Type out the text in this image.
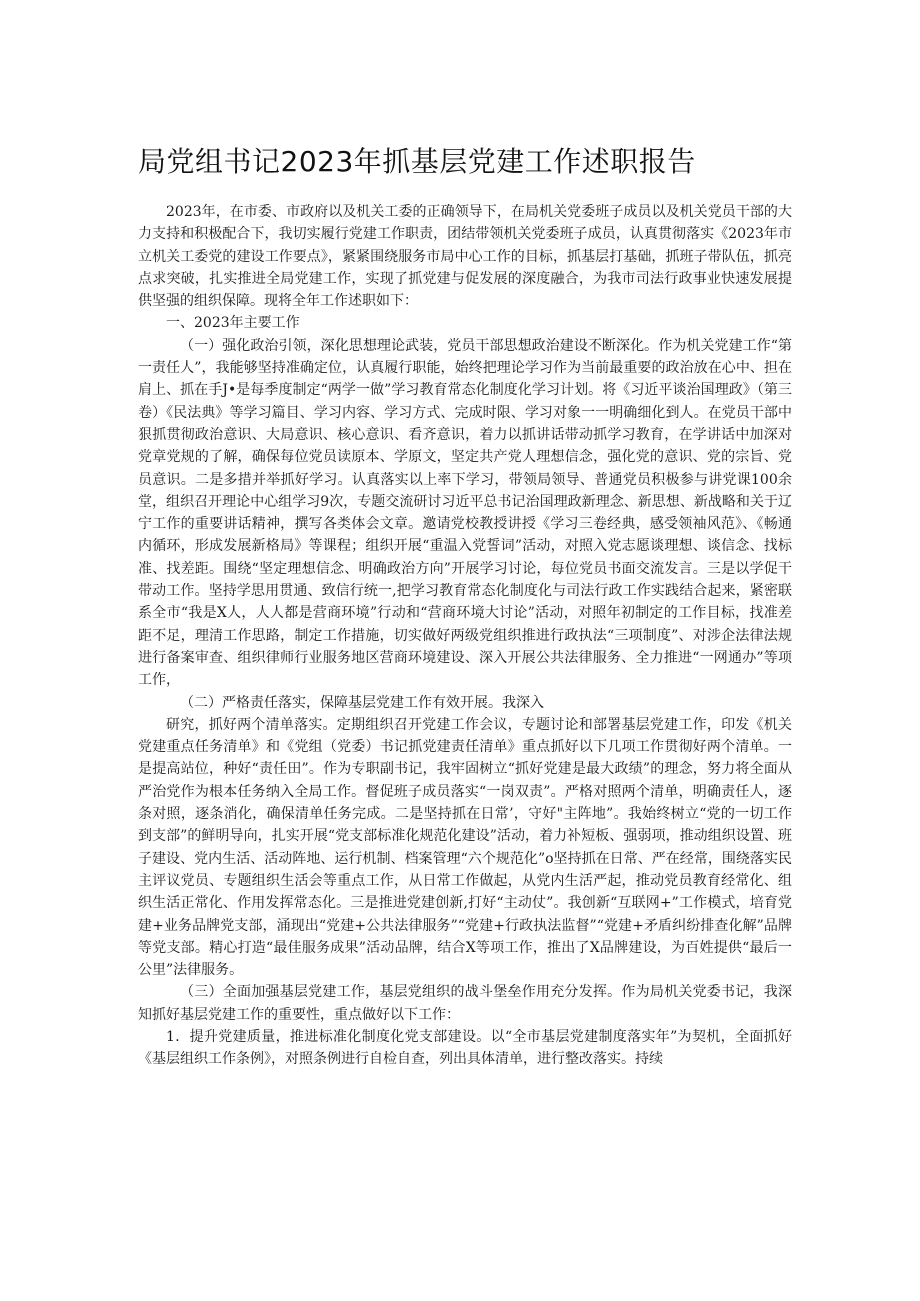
局党组书记2023年抓基层党建工作述职报告

2023年，在市委、市政府以及机关工委的正确领导下，在局机关党委班子成员以及机关党员干部的大力支持和积极配合下，我切实履行党建工作职责，团结带领机关党委班子成员，认真贯彻落实《2023年市立机关工委党的建设工作要点》，紧紧围绕服务市局中心工作的目标，抓基层打基础，抓班子带队伍，抓亮点求突破，扎实推进全局党建工作，实现了抓党建与促发展的深度融合，为我市司法行政事业快速发展提供坚强的组织保障。现将全年工作述职如下：

一、2023年主要工作

（一）强化政治引领，深化思想理论武装，党员干部思想政治建设不断深化。作为机关党建工作“第一责任人”，我能够坚持准确定位，认真履行职能，始终把理论学习作为当前最重要的政治放在心中、担在肩上、抓在手J•是每季度制定“两学一做”学习教育常态化制度化学习计划。将《习近平谈治国理政》（第三卷）《民法典》等学习篇目、学习内容、学习方式、完成时限、学习对象一一明确细化到人。在党员干部中狠抓贯彻政治意识、大局意识、核心意识、看齐意识，着力以抓讲话带动抓学习教育，在学讲话中加深对党章党规的了解，确保每位党员读原本、学原文，坚定共产党人理想信念，强化党的意识、党的宗旨、党员意识。二是多措并举抓好学习。认真落实以上率下学习，带领局领导、普通党员积极参与讲党课100余堂，组织召开理论中心组学习9次，专题交流研讨习近平总书记治国理政新理念、新思想、新战略和关于辽宁工作的重要讲话精神，撰写各类体会文章。邀请党校教授讲授《学习三卷经典，感受领袖风范》、《畅通内循环，形成发展新格局》等课程；组织开展“重温入党誓词”活动，对照入党志愿谈理想、谈信念、找标准、找差距。围绕“坚定理想信念、明确政治方向”开展学习讨论，每位党员书面交流发言。三是以学促干带动工作。坚持学思用贯通、致信行统一,把学习教育常态化制度化与司法行政工作实践结合起来，紧密联系全市“我是X人，人人都是营商环境”行动和“营商环境大讨论”活动，对照年初制定的工作目标，找准差距不足，理清工作思路，制定工作措施，切实做好两级党组织推进行政执法“三项制度”、对涉企法律法规进行备案审查、组织律师行业服务地区营商环境建设、深入开展公共法律服务、全力推进“一网通办”等项工作，

（二）严格责任落实，保障基层党建工作有效开展。我深入

研究，抓好两个清单落实。定期组织召开党建工作会议，专题讨论和部署基层党建工作，印发《机关党建重点任务清单》和《党组（党委）书记抓党建责任清单》重点抓好以下几项工作贯彻好两个清单。一是提高站位，种好“责任田”。作为专职副书记，我牢固树立“抓好党建是最大政绩”的理念，努力将全面从严治党作为根本任务纳入全局工作。督促班子成员落实“一岗双责”。严格对照两个清单，明确责任人，逐条对照，逐条消化，确保清单任务完成。二是坚持抓在日常’，守好"主阵地”。我始终树立“党的一切工作到支部”的鲜明导向，扎实开展“党支部标准化规范化建设”活动，着力补短板、强弱项，推动组织设置、班子建设、党内生活、活动阵地、运行机制、档案管理“六个规范化”o坚持抓在日常、严在经常，围绕落实民主评议党员、专题组织生活会等重点工作，从日常工作做起，从党内生活严起，推动党员教育经常化、组织生活正常化、作用发挥常态化。三是推进党建创新,打好“主动仗”。我创新“互联网+”工作模式，培育党建+业务品牌党支部，涌现出“党建+公共法律服务”“党建+行政执法监督”“党建+矛盾纠纷排查化解”品牌等党支部。精心打造“最佳服务成果”活动品牌，结合X等项工作，推出了X品牌建设，为百姓提供“最后一公里”法律服务。

（三）全面加强基层党建工作，基层党组织的战斗堡垒作用充分发挥。作为局机关党委书记，我深知抓好基层党建工作的重要性，重点做好以下工作：

1．提升党建质量，推进标准化制度化党支部建设。以“全市基层党建制度落实年”为契机，全面抓好《基层组织工作条例》，对照条例进行自检自查，列出具体清单，进行整改落实。持续
